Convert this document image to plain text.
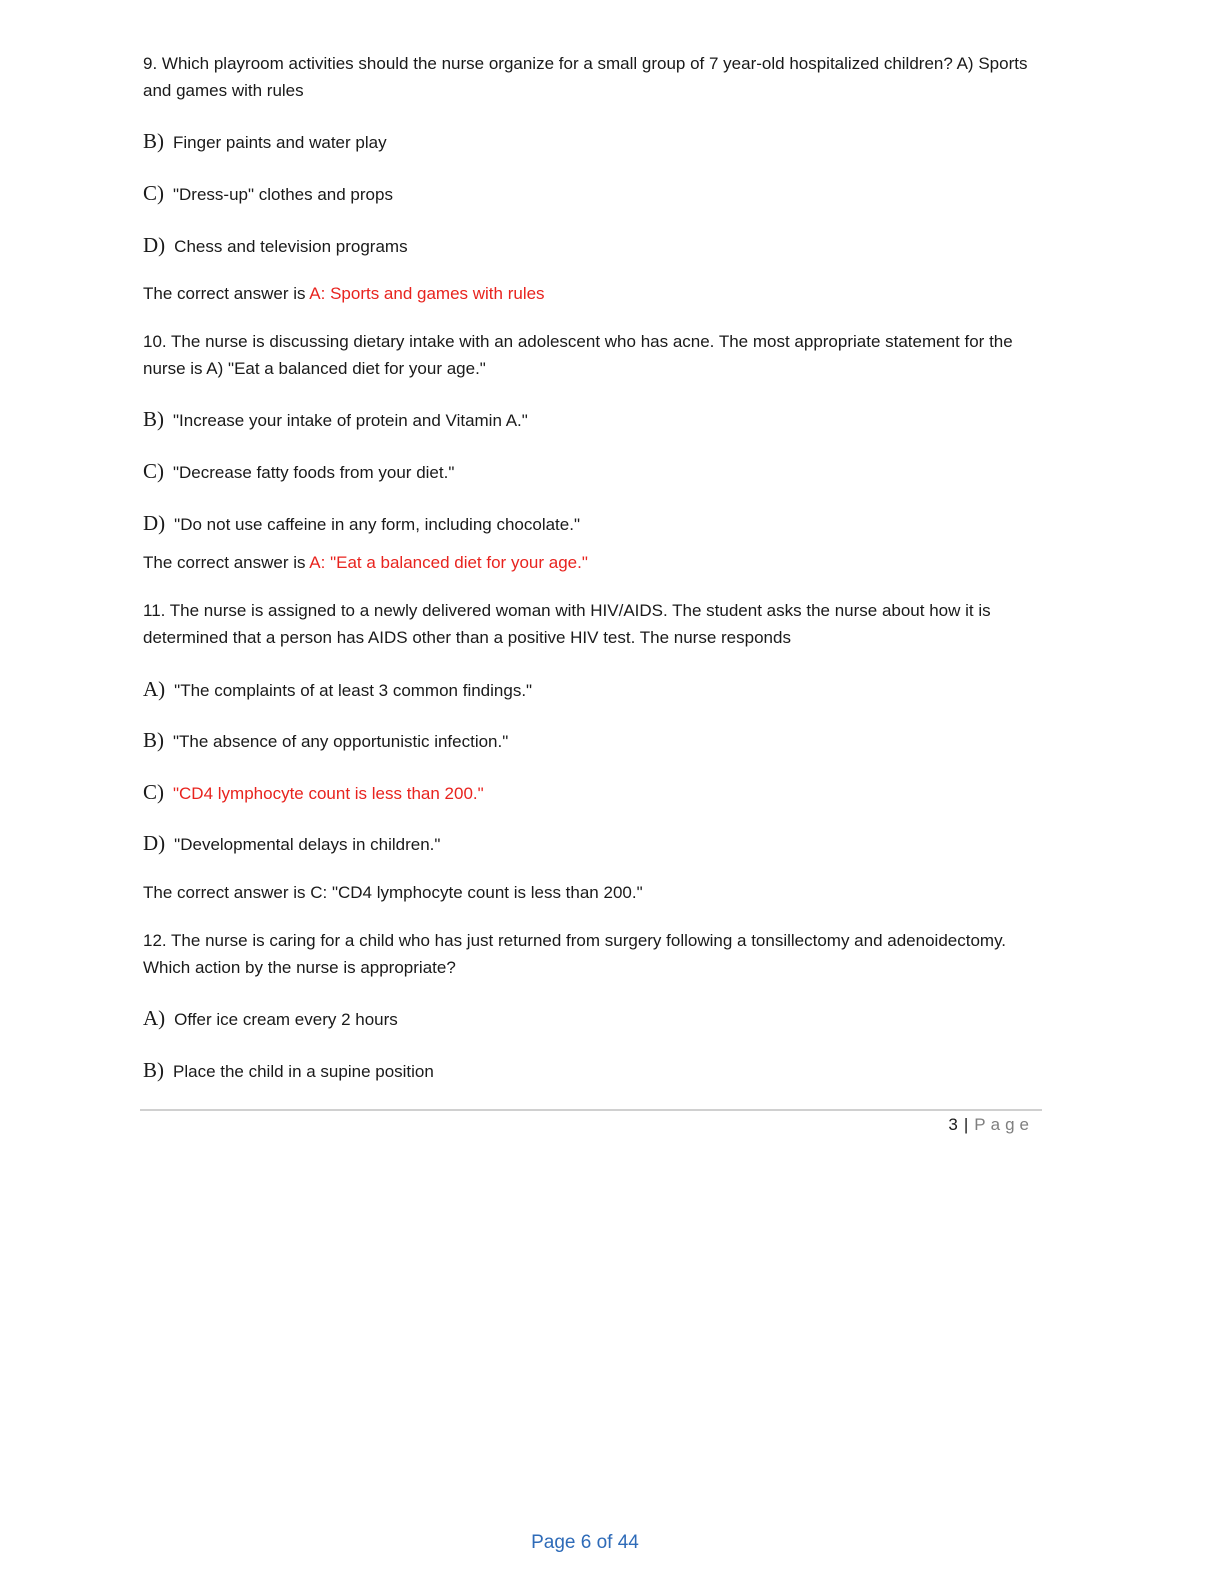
9. Which playroom activities should the nurse organize for a small group of 7 year-old hospitalized children? A) Sports and games with rules
B) Finger paints and water play
C) "Dress-up" clothes and props
D) Chess and television programs
The correct answer is A: Sports and games with rules
10. The nurse is discussing dietary intake with an adolescent who has acne. The most appropriate statement for the nurse is A) "Eat a balanced diet for your age."
B) "Increase your intake of protein and Vitamin A."
C) "Decrease fatty foods from your diet."
D) "Do not use caffeine in any form, including chocolate."
The correct answer is A: "Eat a balanced diet for your age."
11. The nurse is assigned to a newly delivered woman with HIV/AIDS. The student asks the nurse about how it is determined that a person has AIDS other than a positive HIV test. The nurse responds
A) "The complaints of at least 3 common findings."
B) "The absence of any opportunistic infection."
C) "CD4 lymphocyte count is less than 200."
D) "Developmental delays in children."
The correct answer is C: "CD4 lymphocyte count is less than 200."
12. The nurse is caring for a child who has just returned from surgery following a tonsillectomy and adenoidectomy. Which action by the nurse is appropriate?
A) Offer ice cream every 2 hours
B) Place the child in a supine position
3 | Page
Page 6 of 44
